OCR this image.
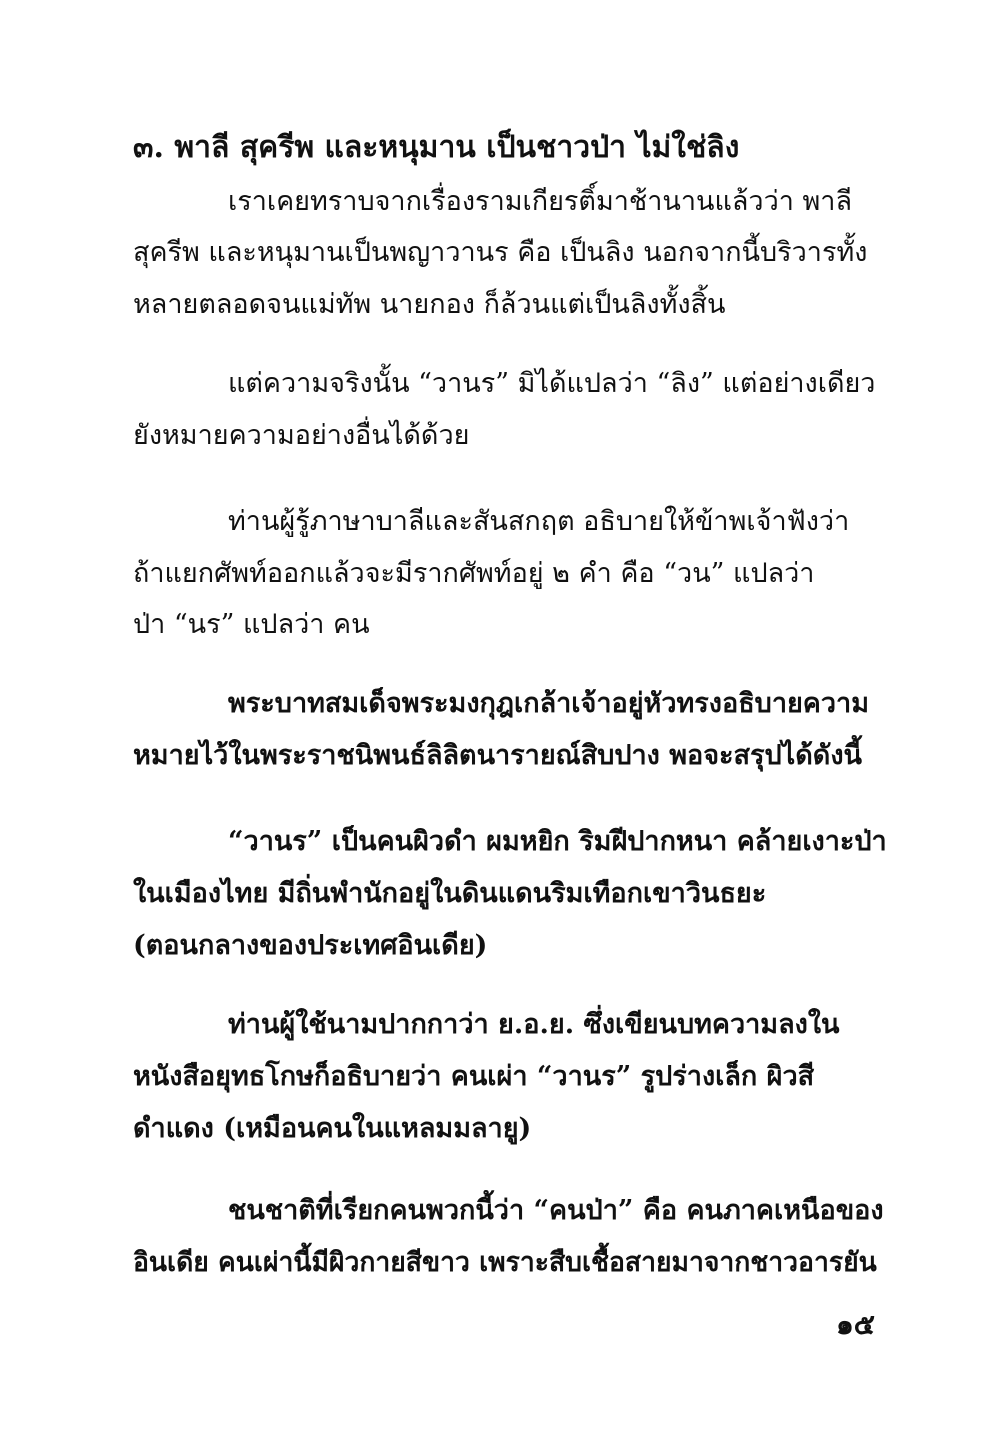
๓. พาลี สุครีพ และหนุมาน เป็นชาวป่า ไม่ใช่ลิง
เราเคยทราบจากเรื่องรามเกียรติ์มาช้านานแล้วว่า พาลี
สุครีพ และหนุมานเป็นพญาวานร คือ เป็นลิง นอกจากนี้บริวารทั้ง
หลายตลอดจนแม่ทัพ นายกอง ก็ล้วนแต่เป็นลิงทั้งสิ้น
แต่ความจริงนั้น “วานร” มิได้แปลว่า “ลิง” แต่อย่างเดียว
ยังหมายความอย่างอื่นได้ด้วย
ท่านผู้รู้ภาษาบาลีและสันสกฤต อธิบายให้ข้าพเจ้าฟังว่า
ถ้าแยกศัพท์ออกแล้วจะมีรากศัพท์อยู่ ๒ คำ คือ “วน” แปลว่า
ป่า “นร” แปลว่า คน
พระบาทสมเด็จพระมงกุฎเกล้าเจ้าอยู่หัวทรงอธิบายความ
หมายไว้ในพระราชนิพนธ์ลิลิตนารายณ์สิบปาง พอจะสรุปได้ดังนี้
“วานร” เป็นคนผิวดำ ผมหยิก ริมฝีปากหนา คล้ายเงาะป่า
ในเมืองไทย มีถิ่นพำนักอยู่ในดินแดนริมเทือกเขาวินธยะ
(ตอนกลางของประเทศอินเดีย)
ท่านผู้ใช้นามปากกาว่า ย.อ.ย. ซึ่งเขียนบทความลงใน
หนังสือยุทธโกษก็อธิบายว่า คนเผ่า “วานร” รูปร่างเล็ก ผิวสี
ดำแดง (เหมือนคนในแหลมมลายู)
ชนชาติที่เรียกคนพวกนี้ว่า “คนป่า” คือ คนภาคเหนือของ
อินเดีย คนเผ่านี้มีผิวกายสีขาว เพราะสืบเชื้อสายมาจากชาวอารยัน
๑๕
